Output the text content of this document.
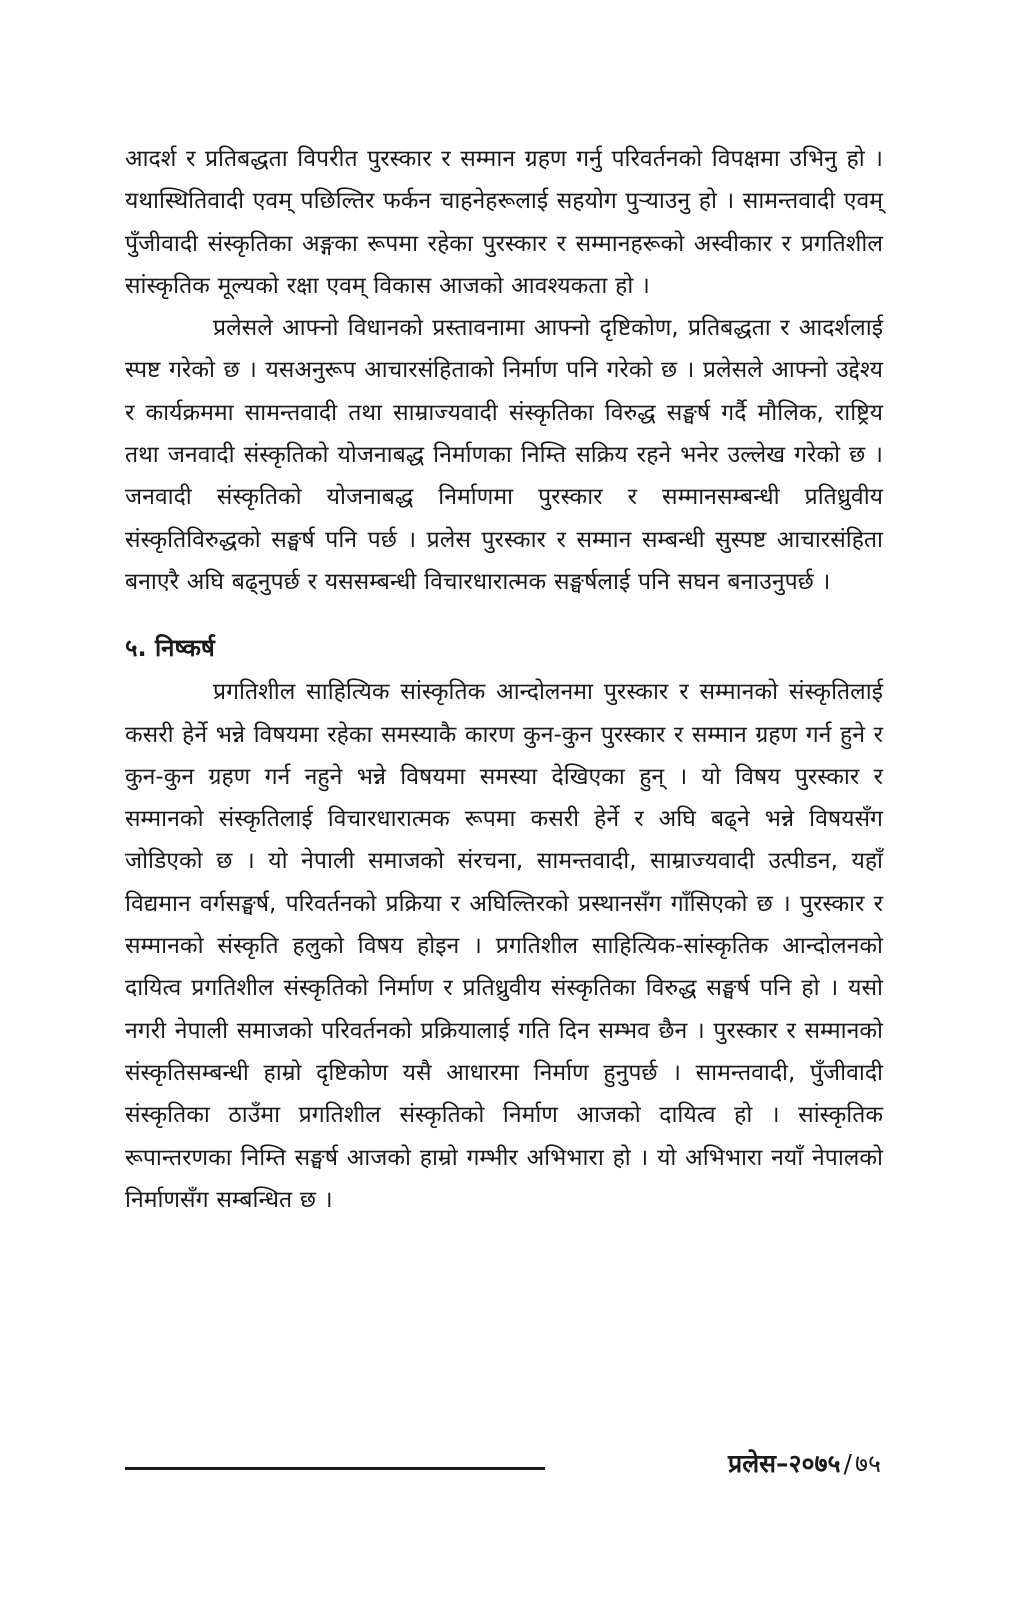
आदर्श र प्रतिबद्धता विपरीत पुरस्कार र सम्मान ग्रहण गर्नु परिवर्तनको विपक्षमा उभिनु हो । यथास्थितिवादी एवम् पछिल्तिर फर्कन चाहनेहरूलाई सहयोग पुर्‍याउनु हो । सामन्तवादी एवम् पुँजीवादी संस्कृतिका अङ्गका रूपमा रहेका पुरस्कार र सम्मानहरूको अस्वीकार र प्रगतिशील सांस्कृतिक मूल्यको रक्षा एवम् विकास आजको आवश्यकता हो ।

प्रलेसले आफ्नो विधानको प्रस्तावनामा आफ्नो दृष्टिकोण, प्रतिबद्धता र आदर्शलाई स्पष्ट गरेको छ । यसअनुरूप आचारसंहिताको निर्माण पनि गरेको छ । प्रलेसले आफ्नो उद्देश्य र कार्यक्रममा सामन्तवादी तथा साम्राज्यवादी संस्कृतिका विरुद्ध सङ्घर्ष गर्दै मौलिक, राष्ट्रिय तथा जनवादी संस्कृतिको योजनाबद्ध निर्माणका निम्ति सक्रिय रहने भनेर उल्लेख गरेको छ । जनवादी संस्कृतिको योजनाबद्ध निर्माणमा पुरस्कार र सम्मानसम्बन्धी प्रतिध्रुवीय संस्कृतिविरुद्धको सङ्घर्ष पनि पर्छ । प्रलेस पुरस्कार र सम्मान सम्बन्धी सुस्पष्ट आचारसंहिता बनाएरै अघि बढ्नुपर्छ र यससम्बन्धी विचारधारात्मक सङ्घर्षलाई पनि सघन बनाउनुपर्छ ।

५. निष्कर्ष

प्रगतिशील साहित्यिक सांस्कृतिक आन्दोलनमा पुरस्कार र सम्मानको संस्कृतिलाई कसरी हेर्ने भन्ने विषयमा रहेका समस्याकै कारण कुन-कुन पुरस्कार र सम्मान ग्रहण गर्न हुने र कुन-कुन ग्रहण गर्न नहुने भन्ने विषयमा समस्या देखिएका हुन् । यो विषय पुरस्कार र सम्मानको संस्कृतिलाई विचारधारात्मक रूपमा कसरी हेर्ने र अघि बढ्ने भन्ने विषयसँग जोडिएको छ । यो नेपाली समाजको संरचना, सामन्तवादी, साम्राज्यवादी उत्पीडन, यहाँ विद्यमान वर्गसङ्घर्ष, परिवर्तनको प्रक्रिया र अघिल्तिरको प्रस्थानसँग गाँसिएको छ । पुरस्कार र सम्मानको संस्कृति हलुको विषय होइन । प्रगतिशील साहित्यिक-सांस्कृतिक आन्दोलनको दायित्व प्रगतिशील संस्कृतिको निर्माण र प्रतिध्रुवीय संस्कृतिका विरुद्ध सङ्घर्ष पनि हो । यसो नगरी नेपाली समाजको परिवर्तनको प्रक्रियालाई गति दिन सम्भव छैन । पुरस्कार र सम्मानको संस्कृतिसम्बन्धी हाम्रो दृष्टिकोण यसै आधारमा निर्माण हुनुपर्छ । सामन्तवादी, पुँजीवादी संस्कृतिका ठाउँमा प्रगतिशील संस्कृतिको निर्माण आजको दायित्व हो । सांस्कृतिक रूपान्तरणका निम्ति सङ्घर्ष आजको हाम्रो गम्भीर अभिभारा हो । यो अभिभारा नयाँ नेपालको निर्माणसँग सम्बन्धित छ ।

प्रलेस–२०७५ / ७५
